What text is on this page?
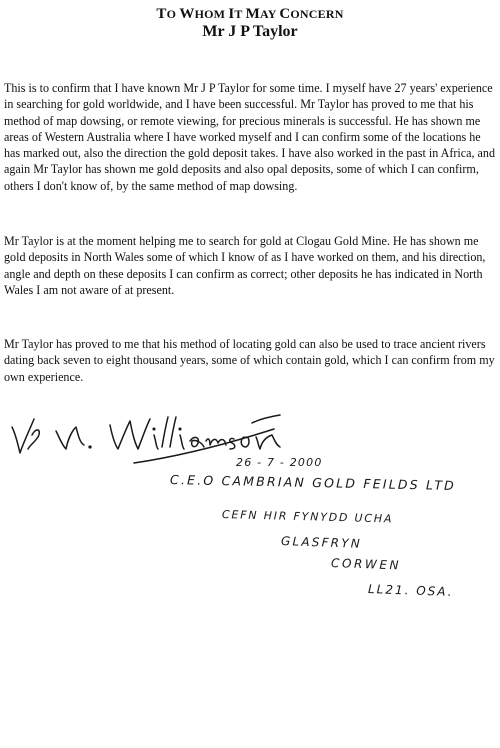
TO WHOM IT MAY CONCERN
Mr J P Taylor

This is to confirm that I have known Mr J P Taylor for some time. I myself have 27 years' experience in searching for gold worldwide, and I have been successful. Mr Taylor has proved to me that his method of map dowsing, or remote viewing, for precious minerals is successful. He has shown me areas of Western Australia where I have worked myself and I can confirm some of the locations he has marked out, also the direction the gold deposit takes. I have also worked in the past in Africa, and again Mr Taylor has shown me gold deposits and also opal deposits, some of which I can confirm, others I don't know of, by the same method of map dowsing.

Mr Taylor is at the moment helping me to search for gold at Clogau Gold Mine. He has shown me gold deposits in North Wales some of which I know of as I have worked on them, and his direction, angle and depth on these deposits I can confirm as correct; other deposits he has indicated in North Wales I am not aware of at present.

Mr Taylor has proved to me that his method of locating gold can also be used to trace ancient rivers dating back seven to eight thousand years, some of which contain gold, which I can confirm from my own experience.

26 - 7 - 2000
C.E.O CAMBRIAN GOLD FEILDS LTD
CEFN HIR FYNYDD UCHA
GLASFRYN
CORWEN
LL21. OSA.
